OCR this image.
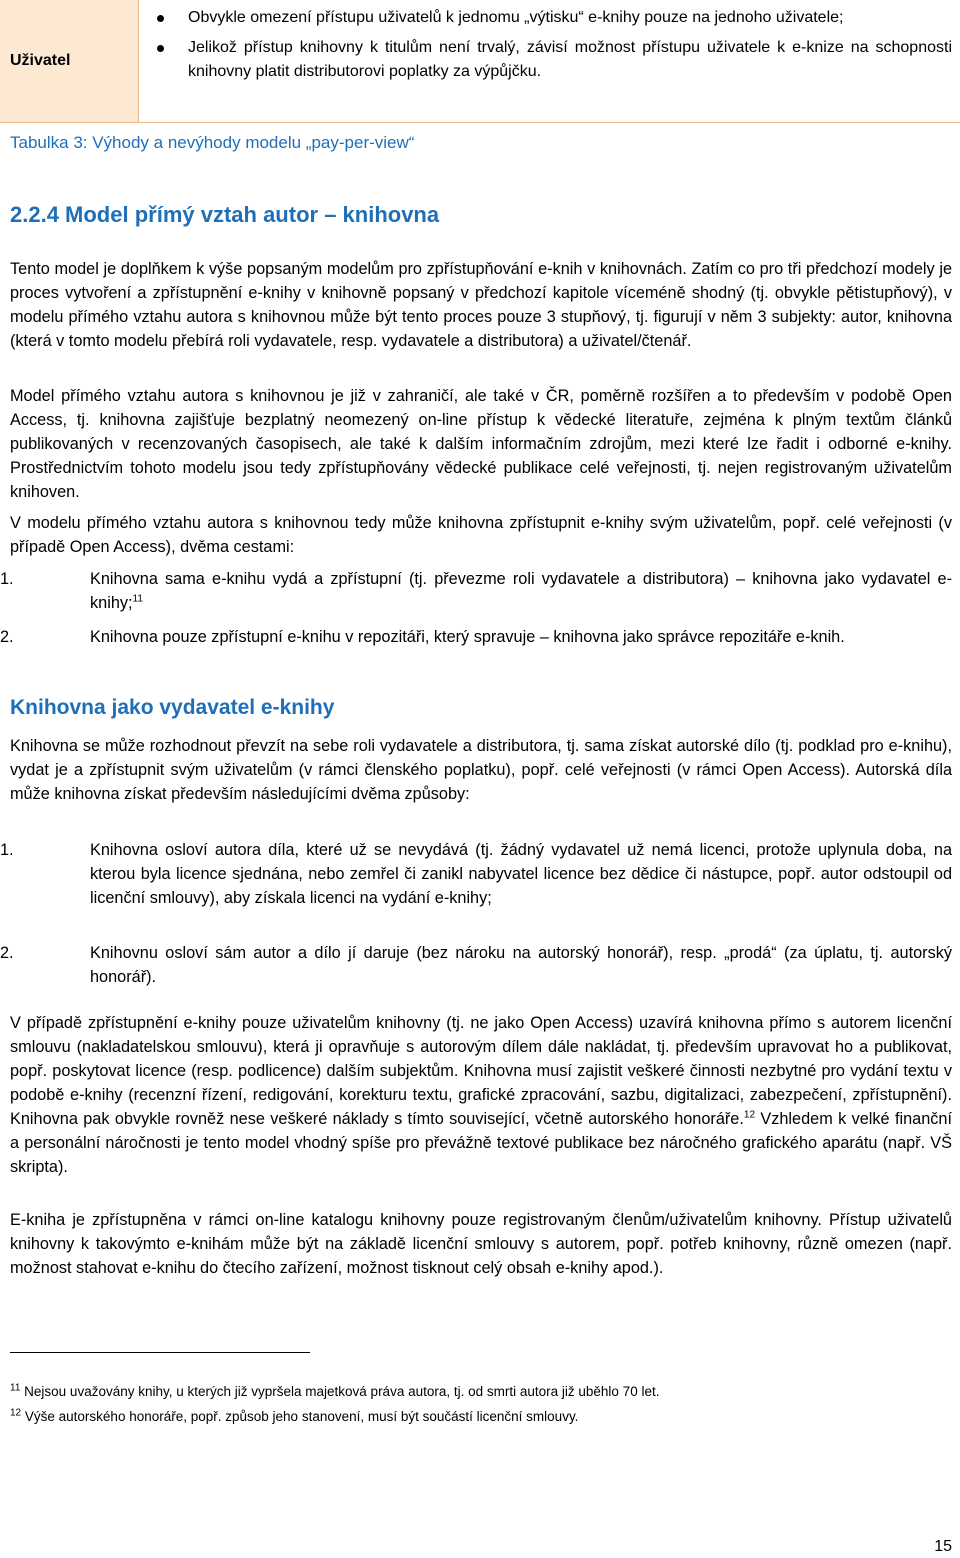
Uživatel
Obvykle omezení přístupu uživatelů k jednomu „výtisku“ e-knihy pouze na jednoho uživatele;
Jelikož přístup knihovny k titulům není trvalý, závisí možnost přístupu uživatele k e-knize na schopnosti knihovny platit distributorovi poplatky za výpůjčku.
Tabulka 3: Výhody a nevýhody modelu „pay-per-view“
2.2.4 Model přímý vztah autor – knihovna

Tento model je doplňkem k výše popsaným modelům pro zpřístupňování e-knih v knihovnách. Zatím co pro tři předchozí modely je proces vytvoření a zpřístupnění e-knihy v knihovně popsaný v předchozí kapitole víceméně shodný (tj. obvykle pětistupňový), v modelu přímého vztahu autora s knihovnou může být tento proces pouze 3 stupňový, tj. figurují v něm 3 subjekty: autor, knihovna (která v tomto modelu přebírá roli vydavatele, resp. vydavatele a distributora) a uživatel/čtenář.

Model přímého vztahu autora s knihovnou je již v zahraničí, ale také v ČR, poměrně rozšířen a to především v podobě Open Access, tj. knihovna zajišťuje bezplatný neomezený on-line přístup k vědecké literatuře, zejména k plným textům článků publikovaných v recenzovaných časopisech, ale také k dalším informačním zdrojům, mezi které lze řadit i odborné e-knihy. Prostřednictvím tohoto modelu jsou tedy zpřístupňovány vědecké publikace celé veřejnosti, tj. nejen registrovaným uživatelům knihoven.

V modelu přímého vztahu autora s knihovnou tedy může knihovna zpřístupnit e-knihy svým uživatelům, popř. celé veřejnosti (v případě Open Access), dvěma cestami:

1.	Knihovna sama e-knihu vydá a zpřístupní (tj. převezme roli vydavatele a distributora) – knihovna jako vydavatel e-knihy;$^{11}$
2.	Knihovna pouze zpřístupní e-knihu v repozitáři, který spravuje – knihovna jako správce repozitáře e-knih.
Knihovna jako vydavatel e-knihy

Knihovna se může rozhodnout převzít na sebe roli vydavatele a distributora, tj. sama získat autorské dílo (tj. podklad pro e-knihu), vydat je a zpřístupnit svým uživatelům (v rámci členského poplatku), popř. celé veřejnosti (v rámci Open Access). Autorská díla může knihovna získat především následujícími dvěma způsoby:

1.	Knihovna osloví autora díla, které už se nevydává (tj. žádný vydavatel už nemá licenci, protože uplynula doba, na kterou byla licence sjednána, nebo zemřel či zanikl nabyvatel licence bez dědice či nástupce, popř. autor odstoupil od licenční smlouvy), aby získala licenci na vydání e-knihy;
2.	Knihovnu osloví sám autor a dílo jí daruje (bez nároku na autorský honorář), resp. „prodá“ (za úplatu, tj. autorský honorář).

V případě zpřístupnění e-knihy pouze uživatelům knihovny (tj. ne jako Open Access) uzavírá knihovna přímo s autorem licenční smlouvu (nakladatelskou smlouvu), která ji opravňuje s autorovým dílem dále nakládat, tj. především upravovat ho a publikovat, popř. poskytovat licence (resp. podlicence) dalším subjektům. Knihovna musí zajistit veškeré činnosti nezbytné pro vydání textu v podobě e-knihy (recenzní řízení, redigování, korekturu textu, grafické zpracování, sazbu, digitalizaci, zabezpečení, zpřístupnění). Knihovna pak obvykle rovněž nese veškeré náklady s tímto související, včetně autorského honoráře.$^{12}$ Vzhledem k velké finanční a personální náročnosti je tento model vhodný spíše pro převážně textové publikace bez náročného grafického aparátu (např. VŠ skripta).

E-kniha je zpřístupněna v rámci on-line katalogu knihovny pouze registrovaným členům/uživatelům knihovny. Přístup uživatelů knihovny k takovýmto e-knihám může být na základě licenční smlouvy s autorem, popř. potřeb knihovny, různě omezen (např. možnost stahovat e-knihu do čtecího zařízení, možnost tisknout celý obsah e-knihy apod.).

$^{11}$ Nejsou uvažovány knihy, u kterých již vypršela majetková práva autora, tj. od smrti autora již uběhlo 70 let.
$^{12}$ Výše autorského honoráře, popř. způsob jeho stanovení, musí být součástí licenční smlouvy.
15
